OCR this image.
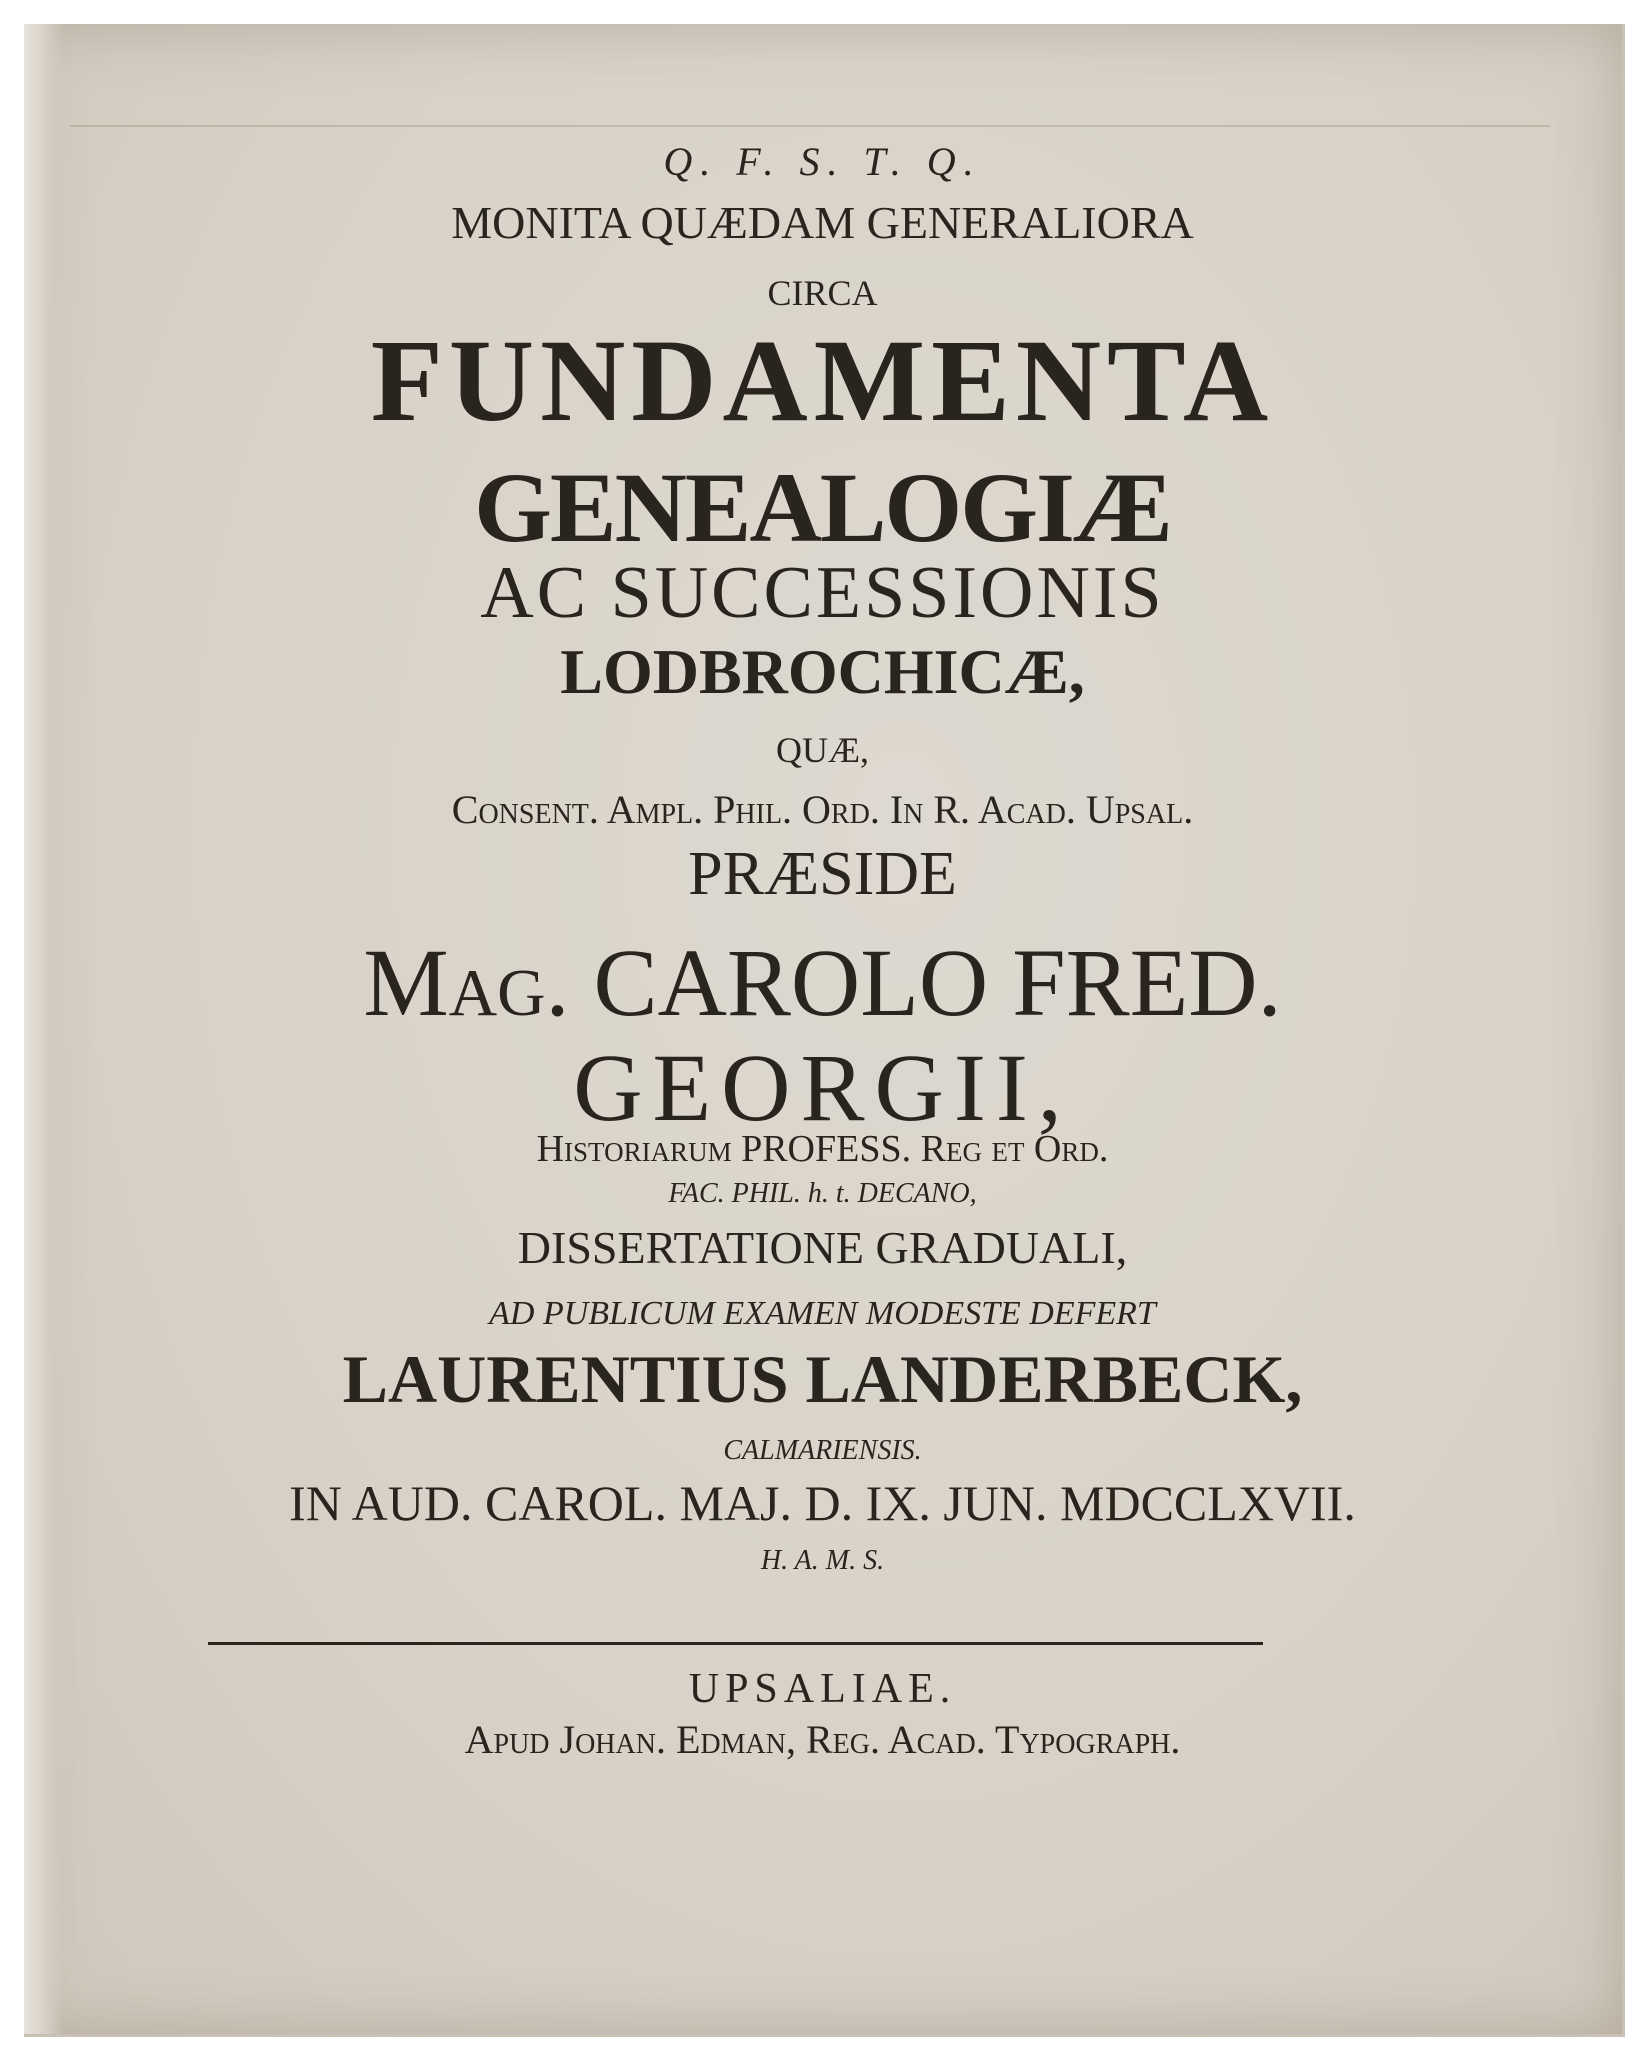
Q. F. S. T. Q.
MONITA QUÆDAM GENERALIORA
CIRCA
FUNDAMENTA
GENEALOGIÆ
AC SUCCESSIONIS
LODBROCHICÆ,
QUÆ,
Consent. Ampl. Phil. Ord. In R. Acad. Upsal.
PRÆSIDE
Mag. CAROLO FRED.
GEORGII,
Historiarum PROFESS. Reg et Ord.
FAC. PHIL. h. t. DECANO,
DISSERTATIONE GRADUALI,
AD PUBLICUM EXAMEN MODESTE DEFERT
LAURENTIUS LANDERBECK,
CALMARIENSIS.
IN AUD. CAROL. MAJ. D. IX. JUN. MDCCLXVII.
H. A. M. S.
UPSALIAE.
Apud Johan. Edman, Reg. Acad. Typograph.
